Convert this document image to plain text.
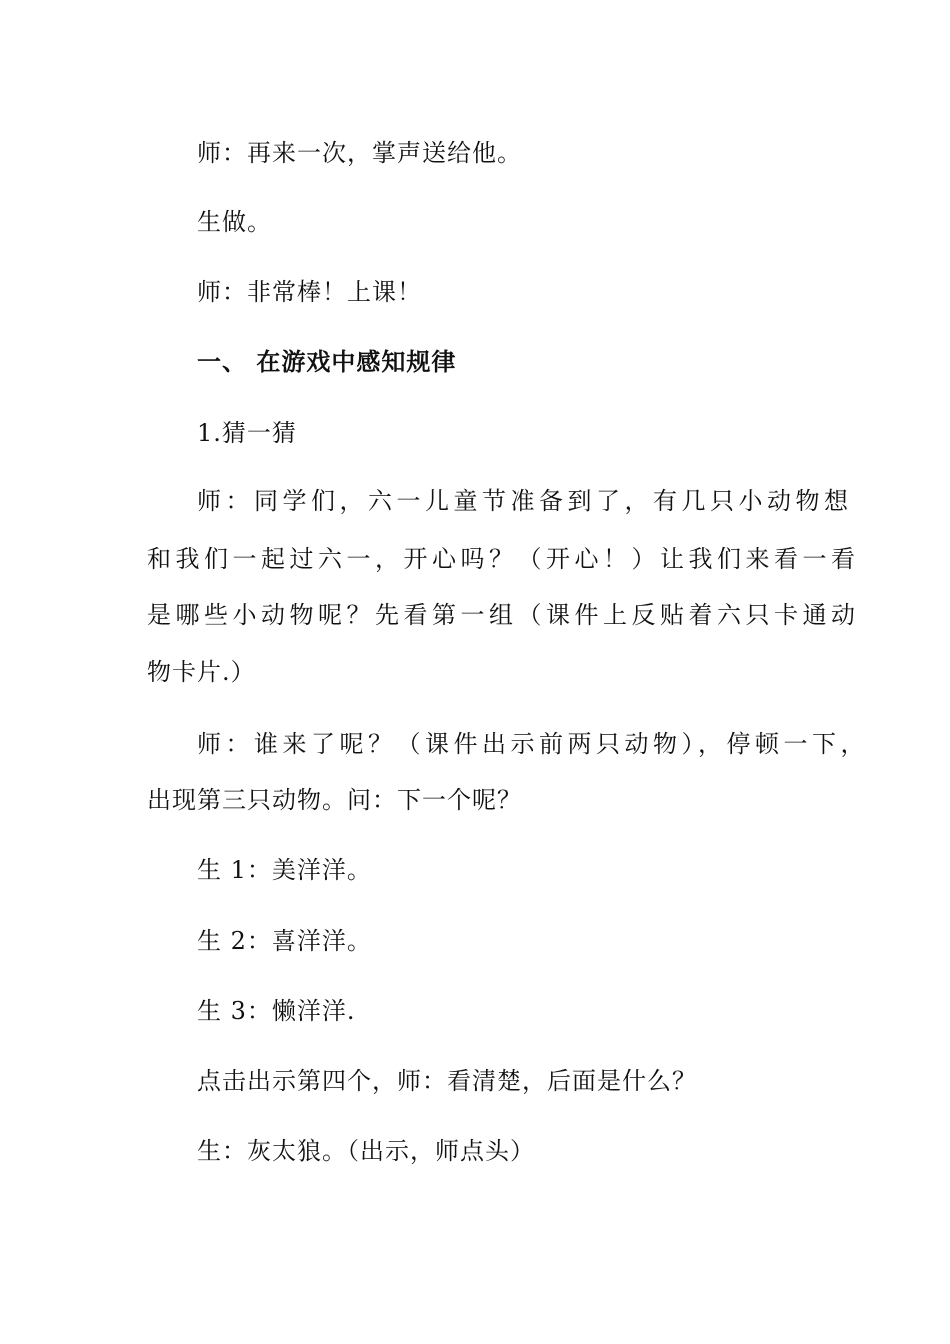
师：再来一次，掌声送给他。
生做。
师：非常棒！上课！
一、 在游戏中感知规律
1.猜一猜
师：同学们，六一儿童节准备到了，有几只小动物想
和我们一起过六一，开心吗？（开心！）让我们来看一看
是哪些小动物呢？先看第一组（课件上反贴着六只卡通动
物卡片.）
师：谁来了呢？（课件出示前两只动物），停顿一下，
出现第三只动物。问：下一个呢？
生 1：美洋洋。
生 2：喜洋洋。
生 3：懒洋洋.
点击出示第四个，师：看清楚，后面是什么？
生：灰太狼。（出示，师点头）
